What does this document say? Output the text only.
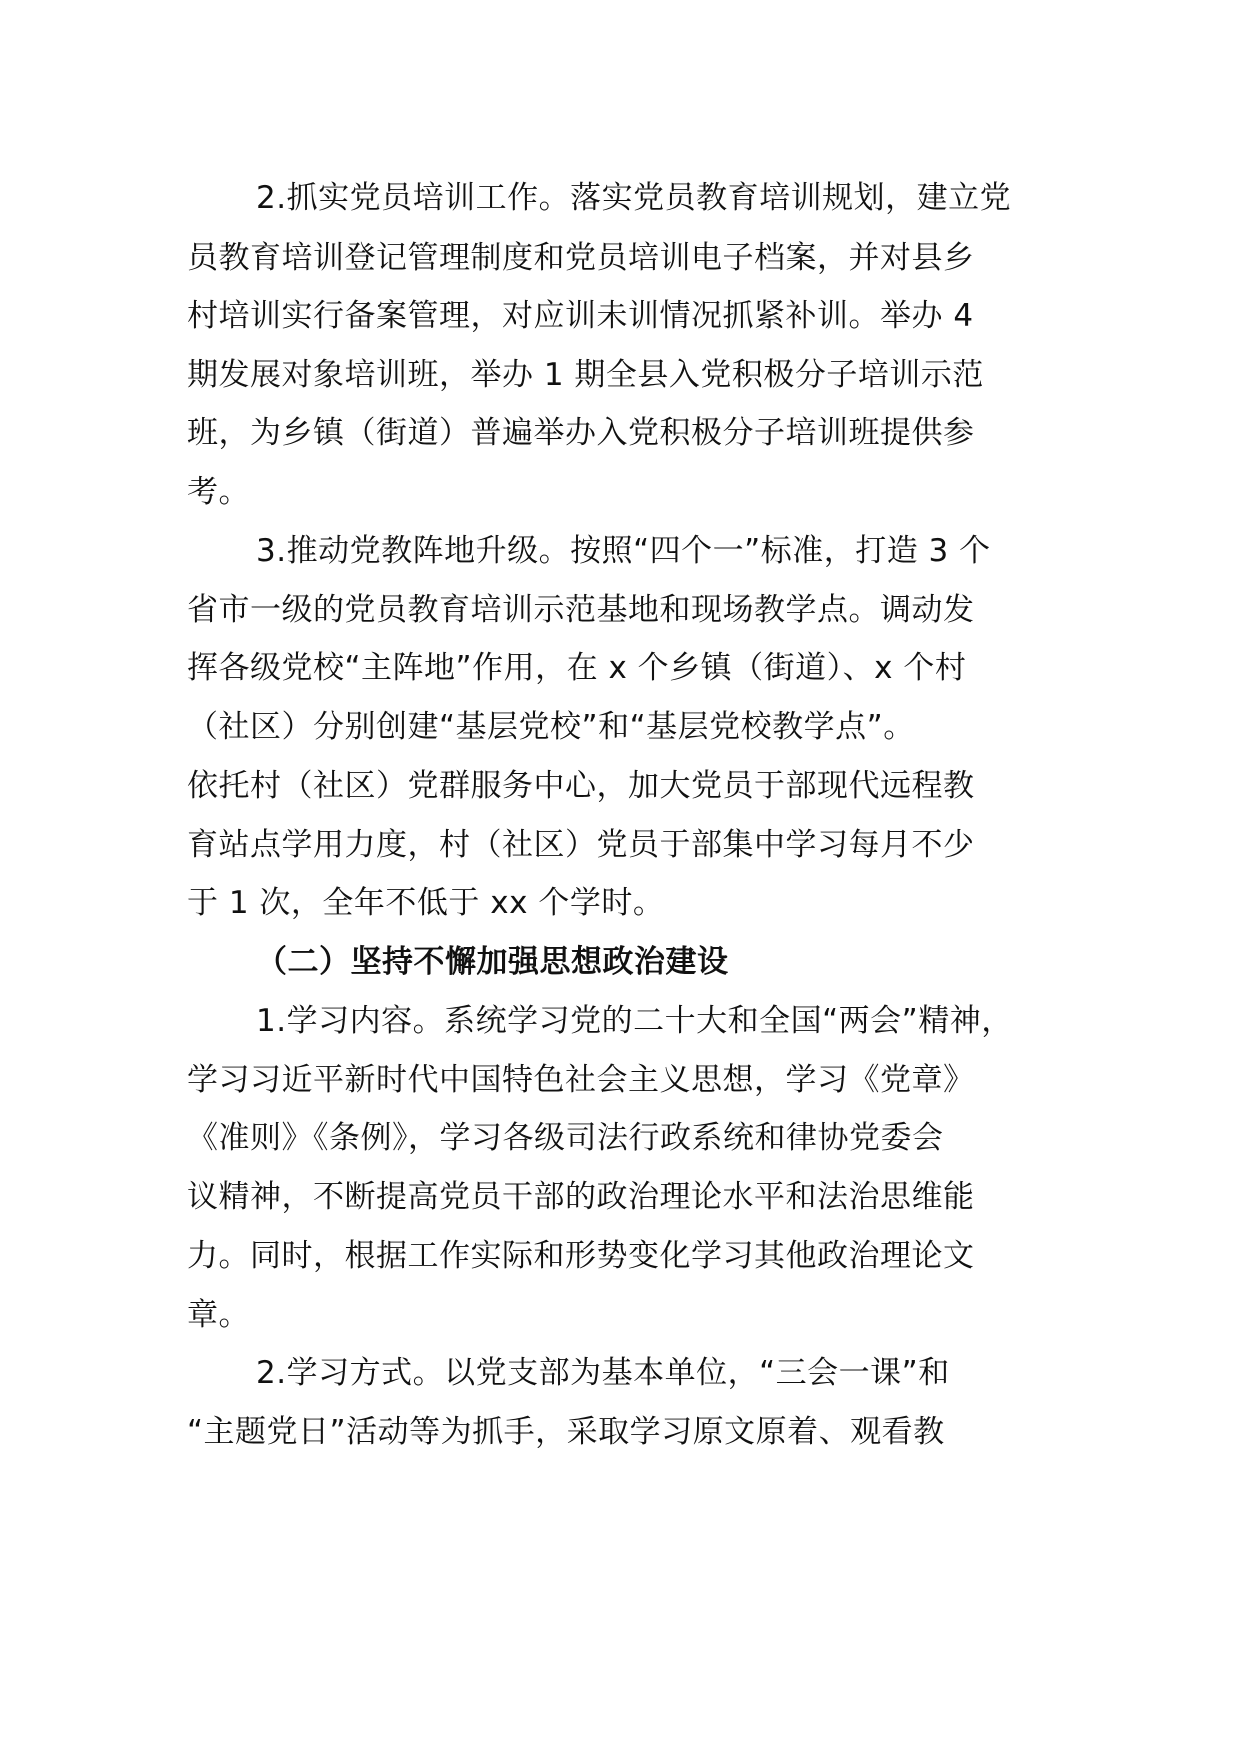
2.抓实党员培训工作。落实党员教育培训规划，建立党

员教育培训登记管理制度和党员培训电子档案，并对县乡

村培训实行备案管理，对应训未训情况抓紧补训。举办 4

期发展对象培训班，举办 1 期全县入党积极分子培训示范

班，为乡镇（街道）普遍举办入党积极分子培训班提供参

考。

3.推动党教阵地升级。按照“四个一”标准，打造 3 个

省市一级的党员教育培训示范基地和现场教学点。调动发

挥各级党校“主阵地”作用，在 x 个乡镇（街道）、x 个村

（社区）分别创建“基层党校”和“基层党校教学点”。

依托村（社区）党群服务中心，加大党员于部现代远程教

育站点学用力度，村（社区）党员于部集中学习每月不少

于 1 次，全年不低于 xx 个学时。

（二）坚持不懈加强思想政治建设

1.学习内容。系统学习党的二十大和全国“两会”精神，

学习习近平新时代中国特色社会主义思想，学习《党章》

《准则》《条例》，学习各级司法行政系统和律协党委会

议精神，不断提高党员干部的政治理论水平和法治思维能

力。同时，根据工作实际和形势变化学习其他政治理论文

章。

2.学习方式。以党支部为基本单位，“三会一课”和

“主题党日”活动等为抓手，采取学习原文原着、观看教
